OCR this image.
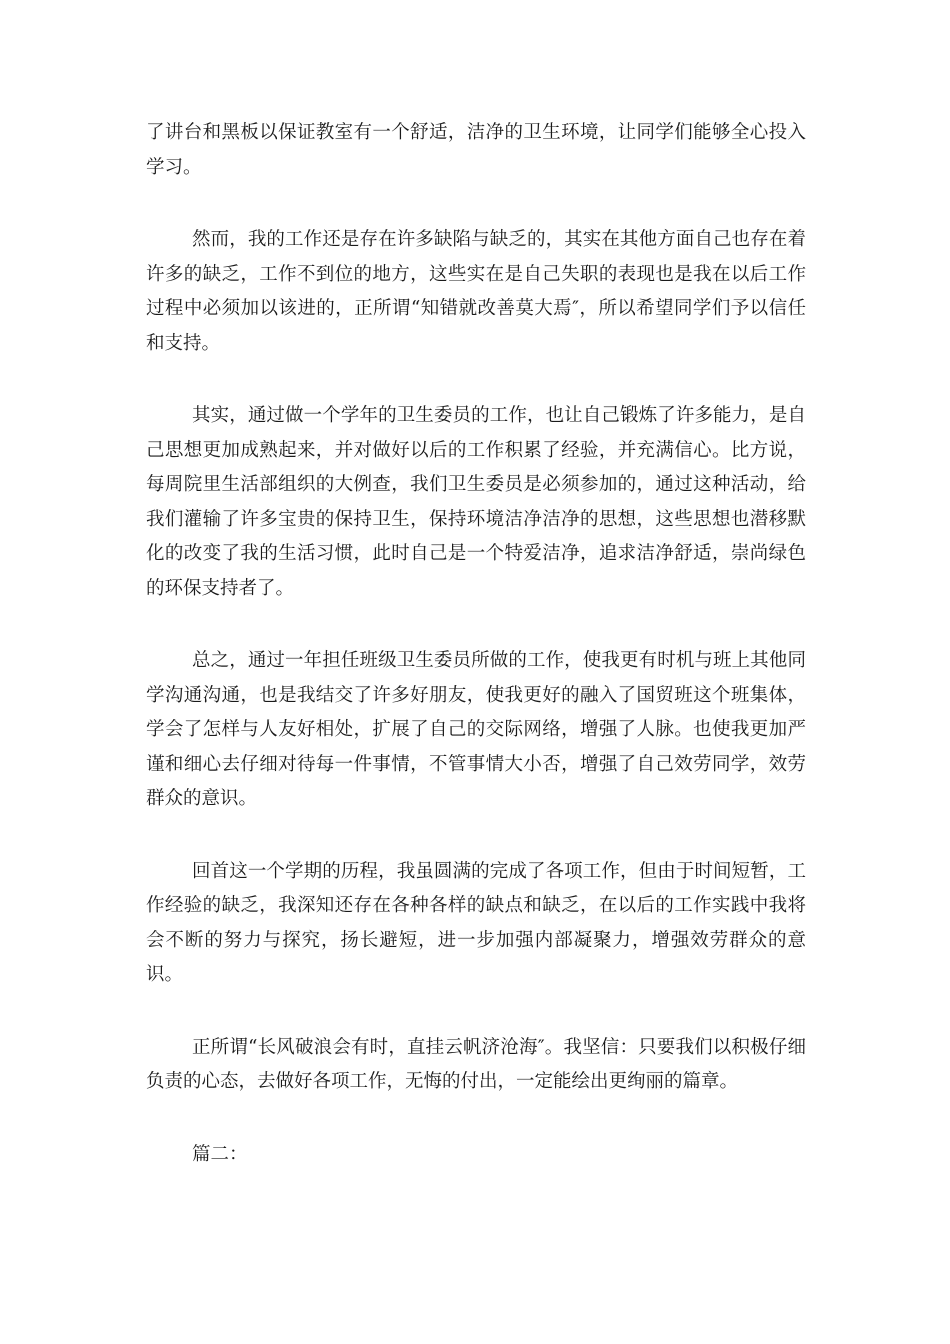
了讲台和黑板以保证教室有一个舒适，洁净的卫生环境，让同学们能够全心投入学习。

然而，我的工作还是存在许多缺陷与缺乏的，其实在其他方面自己也存在着许多的缺乏，工作不到位的地方，这些实在是自己失职的表现也是我在以后工作过程中必须加以该进的，正所谓“知错就改善莫大焉″，所以希望同学们予以信任和支持。

其实，通过做一个学年的卫生委员的工作，也让自己锻炼了许多能力，是自己思想更加成熟起来，并对做好以后的工作积累了经验，并充满信心。比方说，每周院里生活部组织的大例查，我们卫生委员是必须参加的，通过这种活动，给我们灌输了许多宝贵的保持卫生，保持环境洁净洁净的思想，这些思想也潜移默化的改变了我的生活习惯，此时自己是一个特爱洁净，追求洁净舒适，崇尚绿色的环保支持者了。

总之，通过一年担任班级卫生委员所做的工作，使我更有时机与班上其他同学沟通沟通，也是我结交了许多好朋友，使我更好的融入了国贸班这个班集体，学会了怎样与人友好相处，扩展了自己的交际网络，增强了人脉。也使我更加严谨和细心去仔细对待每一件事情，不管事情大小否，增强了自己效劳同学，效劳群众的意识。

回首这一个学期的历程，我虽圆满的完成了各项工作，但由于时间短暂，工作经验的缺乏，我深知还存在各种各样的缺点和缺乏，在以后的工作实践中我将会不断的努力与探究，扬长避短，进一步加强内部凝聚力，增强效劳群众的意识。

正所谓“长风破浪会有时，直挂云帆济沧海″。我坚信：只要我们以积极仔细负责的心态，去做好各项工作，无悔的付出，一定能绘出更绚丽的篇章。

篇二：
